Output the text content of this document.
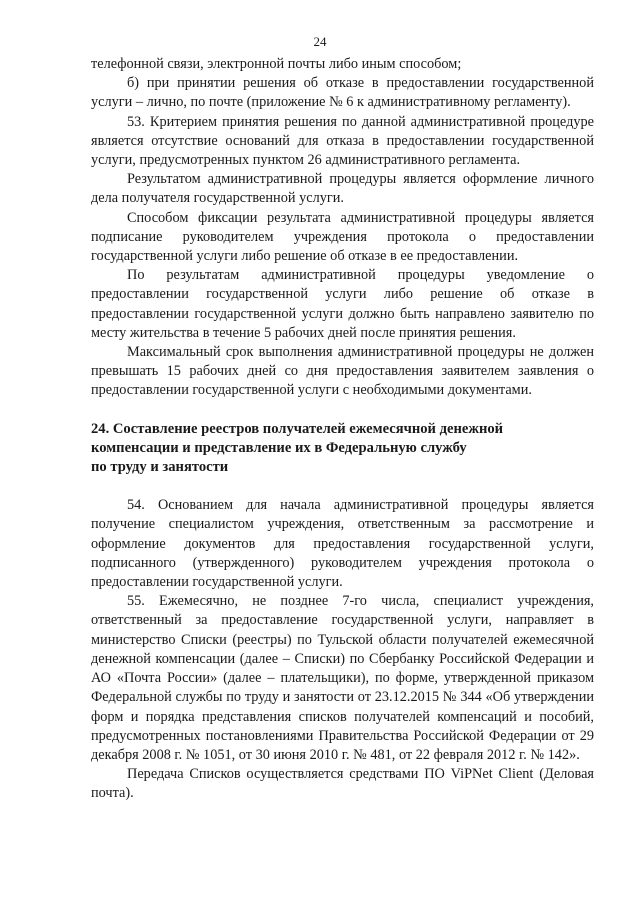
24

телефонной связи, электронной почты либо иным способом;

б) при принятии решения об отказе в предоставлении государственной услуги – лично, по почте (приложение № 6 к административному регламенту).

53. Критерием принятия решения по данной административной процедуре является отсутствие оснований для отказа в предоставлении государственной услуги, предусмотренных пунктом 26 административного регламента.

Результатом административной процедуры является оформление личного дела получателя государственной услуги.

Способом фиксации результата административной процедуры является подписание руководителем учреждения протокола о предоставлении государственной услуги либо решение об отказе в ее предоставлении.

По результатам административной процедуры уведомление о предоставлении государственной услуги либо решение об отказе в предоставлении государственной услуги должно быть направлено заявителю по месту жительства в течение 5 рабочих дней после принятия решения.

Максимальный срок выполнения административной процедуры не должен превышать 15 рабочих дней со дня предоставления заявителем заявления о предоставлении государственной услуги с необходимыми документами.

24. Составление реестров получателей ежемесячной денежной

компенсации и представление их в Федеральную службу

по труду и занятости

54. Основанием для начала административной процедуры является получение специалистом учреждения, ответственным за рассмотрение и оформление документов для предоставления государственной услуги, подписанного (утвержденного) руководителем учреждения протокола о предоставлении государственной услуги.

55. Ежемесячно, не позднее 7-го числа, специалист учреждения, ответственный за предоставление государственной услуги, направляет в министерство Списки (реестры) по Тульской области получателей ежемесячной денежной компенсации (далее – Списки) по Сбербанку Российской Федерации и АО «Почта России» (далее – плательщики), по форме, утвержденной приказом Федеральной службы по труду и занятости от 23.12.2015 № 344 «Об утверждении форм и порядка представления списков получателей компенсаций и пособий, предусмотренных постановлениями Правительства Российской Федерации от 29 декабря 2008 г. № 1051, от 30 июня 2010 г. № 481, от 22 февраля 2012 г. № 142».

Передача Списков осуществляется средствами ПО ViPNet Client (Деловая почта).
